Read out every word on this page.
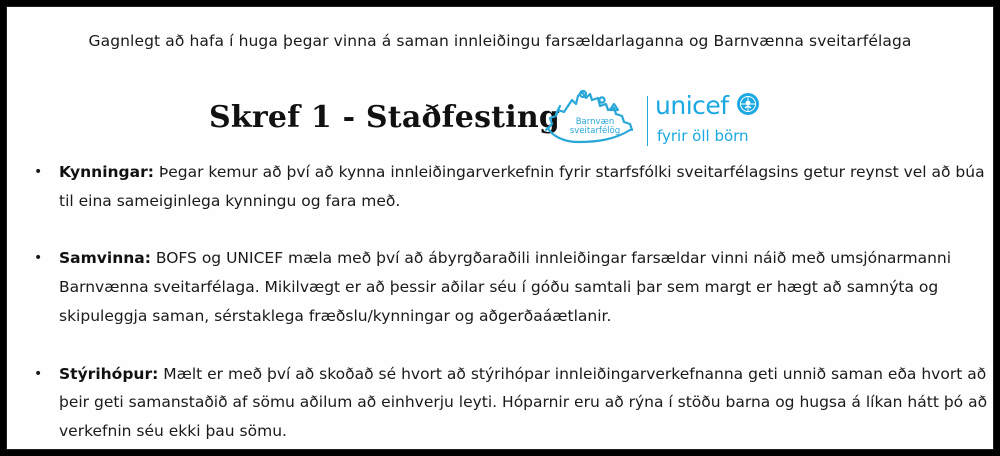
Gagnlegt að hafa í huga þegar vinna á saman innleiðingu farsældarlaganna og Barnvænna sveitarfélaga
Skref 1 - Staðfesting	Barnvæn
sveitarfélög
unicef
fyrir öll börn
• Kynningar: Þegar kemur að því að kynna innleiðingarverkefnin fyrir starfsfólki sveitarfélagsins getur reynst vel að búa til eina sameiginlega kynningu og fara með.
• Samvinna: BOFS og UNICEF mæla með því að ábyrgðaraðili innleiðingar farsældar vinni náið með umsjónarmanni Barnvænna sveitarfélaga. Mikilvægt er að þessir aðilar séu í góðu samtali þar sem margt er hægt að samnýta og skipuleggja saman, sérstaklega fræðslu/kynningar og aðgerðaáætlanir.
• Stýrihópur: Mælt er með því að skoðað sé hvort að stýrihópar innleiðingarverkefnanna geti unnið saman eða hvort að þeir geti samanstaðið af sömu aðilum að einhverju leyti. Hóparnir eru að rýna í stöðu barna og hugsa á líkan hátt þó að verkefnin séu ekki þau sömu.
